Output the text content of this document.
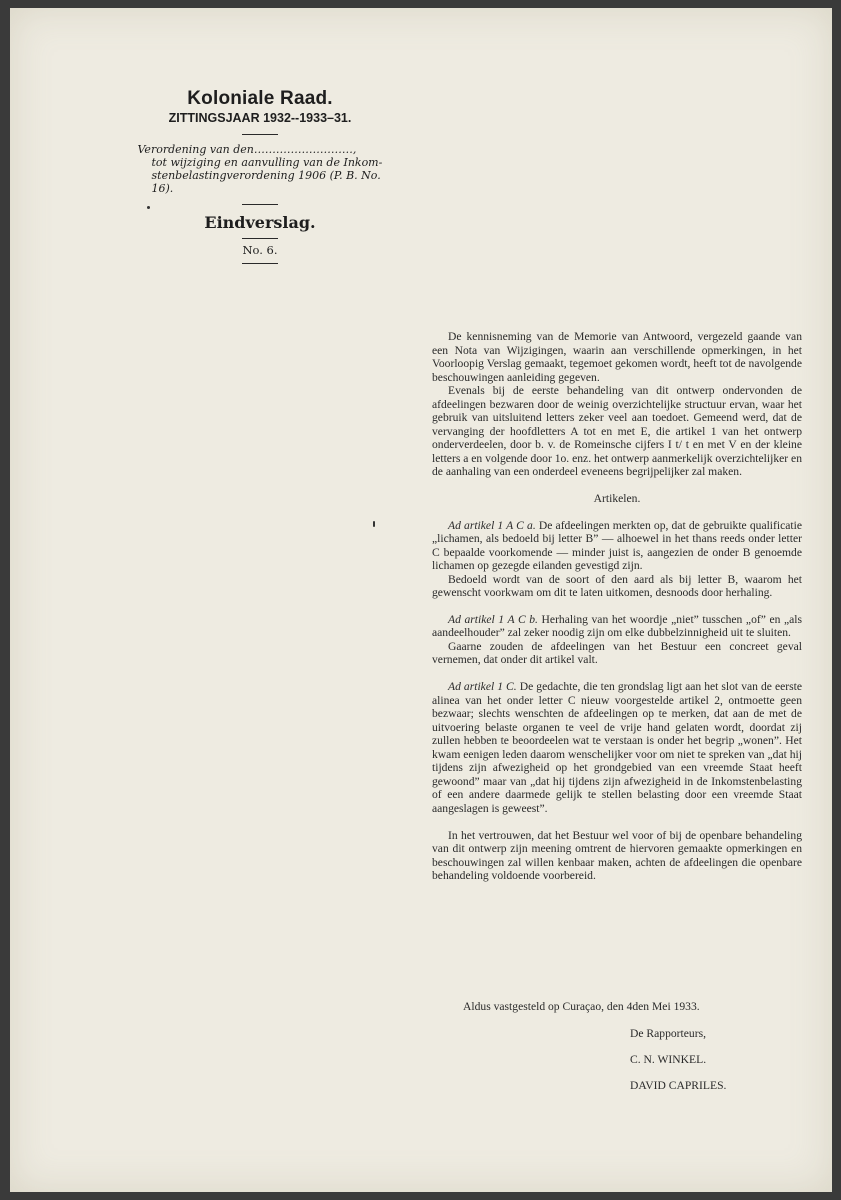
Koloniale Raad.
ZITTINGSJAAR 1932--1933–31.
Verordening van den………………………,
tot wijziging en aanvulling van de Inkom-
stenbelastingverordening 1906 (P. B. No. 16).
Eindverslag.
No. 6.

De kennisneming van de Memorie van Antwoord, vergezeld gaande van een Nota van Wijzigingen, waarin aan verschillende opmerkingen, in het Voorloopig Verslag gemaakt, tegemoet gekomen wordt, heeft tot de navolgende beschouwingen aanleiding gegeven.

Evenals bij de eerste behandeling van dit ontwerp ondervonden de afdeelingen bezwaren door de weinig overzichtelijke structuur ervan, waar het gebruik van uitsluitend letters zeker veel aan toedoet. Gemeend werd, dat de vervanging der hoofdletters A tot en met E, die artikel 1 van het ontwerp onderverdeelen, door b. v. de Romeinsche cijfers I t/ t en met V en der kleine letters a en volgende door 1o. enz. het ontwerp aanmerkelijk overzichtelijker en de aanhaling van een onderdeel eveneens begrijpelijker zal maken.

Artikelen.

Ad artikel 1 A C a. De afdeelingen merkten op, dat de gebruikte qualificatie „lichamen, als bedoeld bij letter B” — alhoewel in het thans reeds onder letter C bepaalde voorkomende — minder juist is, aangezien de onder B genoemde lichamen op gezegde eilanden gevestigd zijn.

Bedoeld wordt van de soort of den aard als bij letter B, waarom het gewenscht voorkwam om dit te laten uitkomen, desnoods door herhaling.

Ad artikel 1 A C b. Herhaling van het woordje „niet” tusschen „of” en „als aandeelhouder” zal zeker noodig zijn om elke dubbelzinnigheid uit te sluiten.

Gaarne zouden de afdeelingen van het Bestuur een concreet geval vernemen, dat onder dit artikel valt.

Ad artikel 1 C. De gedachte, die ten grondslag ligt aan het slot van de eerste alinea van het onder letter C nieuw voorgestelde artikel 2, ontmoette geen bezwaar; slechts wenschten de afdeelingen op te merken, dat aan de met de uitvoering belaste organen te veel de vrije hand gelaten wordt, doordat zij zullen hebben te beoordeelen wat te verstaan is onder het begrip „wonen”. Het kwam eenigen leden daarom wenschelijker voor om niet te spreken van „dat hij tijdens zijn afwezigheid op het grondgebied van een vreemde Staat heeft gewoond” maar van „dat hij tijdens zijn afwezigheid in de Inkomstenbelasting of een andere daarmede gelijk te stellen belasting door een vreemde Staat aangeslagen is geweest”.

In het vertrouwen, dat het Bestuur wel voor of bij de openbare behandeling van dit ontwerp zijn meening omtrent de hiervoren gemaakte opmerkingen en beschouwingen zal willen kenbaar maken, achten de afdeelingen die openbare behandeling voldoende voorbereid.

Aldus vastgesteld op Curaçao, den 4den Mei 1933.
De Rapporteurs,
C. N. WINKEL.
DAVID CAPRILES.
